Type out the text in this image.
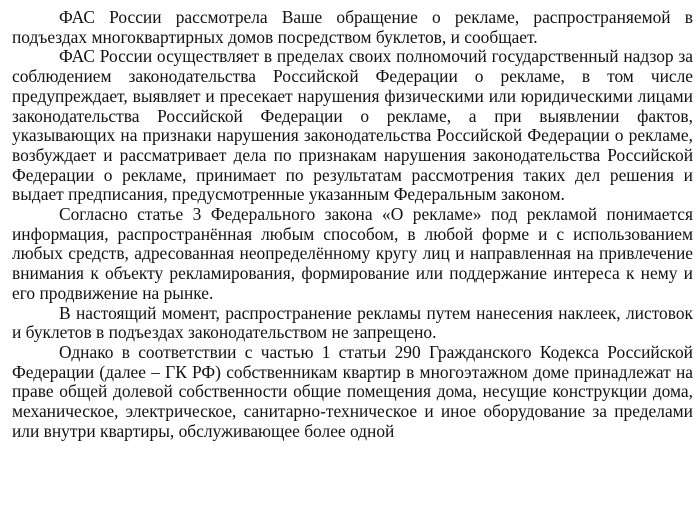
ФАС России рассмотрела Ваше обращение о рекламе, распространяемой в подъездах многоквартирных домов посредством буклетов, и сообщает.

ФАС России осуществляет в пределах своих полномочий государственный надзор за соблюдением законодательства Российской Федерации о рекламе, в том числе предупреждает, выявляет и пресекает нарушения физическими или юридическими лицами законодательства Российской Федерации о рекламе, а при выявлении фактов, указывающих на признаки нарушения законодательства Российской Федерации о рекламе, возбуждает и рассматривает дела по признакам нарушения законодательства Российской Федерации о рекламе, принимает по результатам рассмотрения таких дел решения и выдает предписания, предусмотренные указанным Федеральным законом.

Согласно статье 3 Федерального закона «О рекламе» под рекламой понимается информация, распространённая любым способом, в любой форме и с использованием любых средств, адресованная неопределённому кругу лиц и направленная на привлечение внимания к объекту рекламирования, формирование или поддержание интереса к нему и его продвижение на рынке.

В настоящий момент, распространение рекламы путем нанесения наклеек, листовок и буклетов в подъездах законодательством не запрещено.

Однако в соответствии с частью 1 статьи 290 Гражданского Кодекса Российской Федерации (далее – ГК РФ) собственникам квартир в многоэтажном доме принадлежат на праве общей долевой собственности общие помещения дома, несущие конструкции дома, механическое, электрическое, санитарно-техническое и иное оборудование за пределами или внутри квартиры, обслуживающее более одной
